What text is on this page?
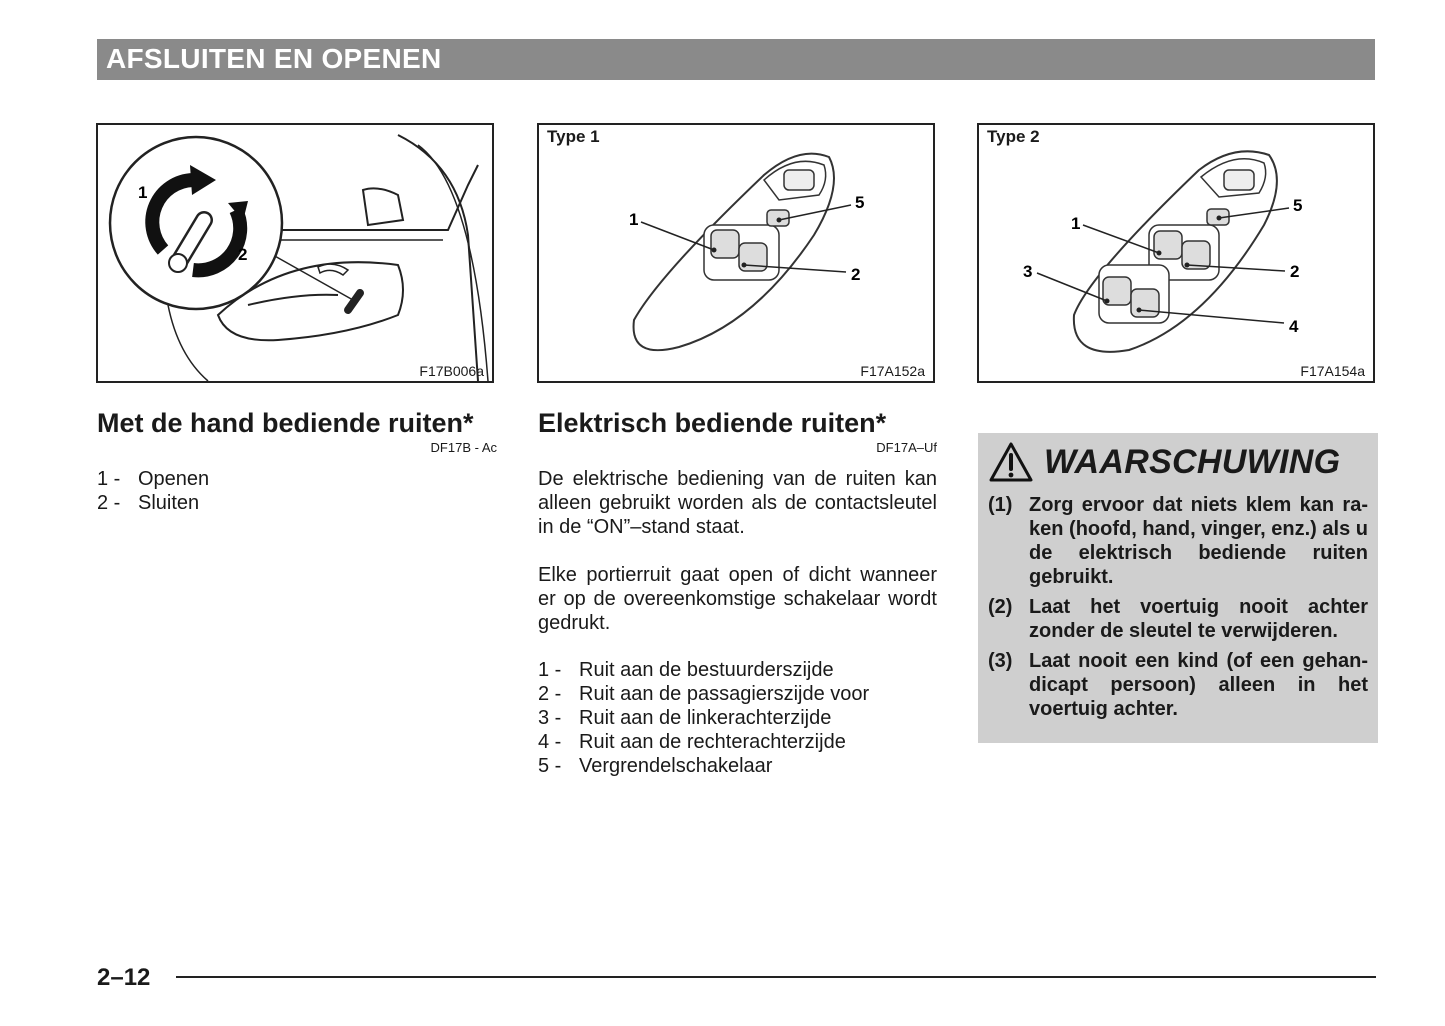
AFSLUITEN EN OPENEN
1
2
F17B006a
1
5
2
Type 1
F17A152a
1
5
2
3
4
Type 2
F17A154a
Met de hand bediende ruiten*
DF17B - Ac
1 - Openen
2 - Sluiten
Elektrisch bediende ruiten*
DF17A–Uf
De elektrische bediening van de ruiten kan alleen gebruikt worden als de contactsleutel in de “ON”–stand staat.
Elke portierruit gaat open of dicht wanneer er op de overeenkomstige schakelaar wordt gedrukt.
1 - Ruit aan de bestuurderszijde
2 - Ruit aan de passagierszijde voor
3 - Ruit aan de linkerachterzijde
4 - Ruit aan de rechterachterzijde
5 - Vergrendelschakelaar
WAARSCHUWING
(1) Zorg ervoor dat niets klem kan raken (hoofd, hand, vinger, enz.) als u de elektrisch bediende ruiten gebruikt.
(2) Laat het voertuig nooit achter zonder de sleutel te verwijderen.
(3) Laat nooit een kind (of een gehandicapt persoon) alleen in het voertuig achter.
2–12
